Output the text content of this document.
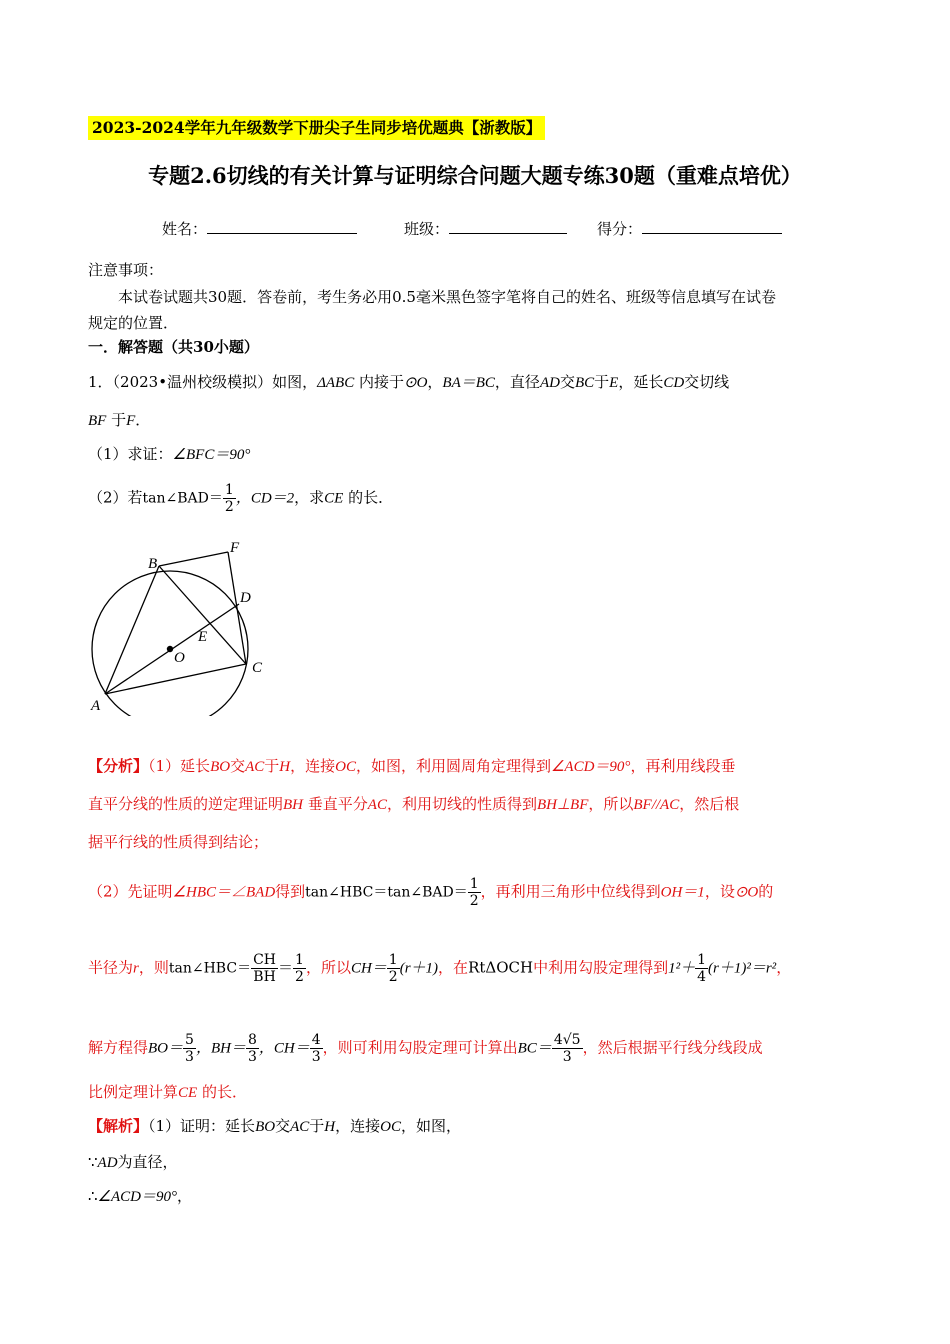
2023-2024学年九年级数学下册尖子生同步培优题典【浙教版】
专题2.6切线的有关计算与证明综合问题大题专练30题（重难点培优）
姓名：	班级：	得分：
注意事项：
本试卷试题共30题．答卷前，考生务必用0.5毫米黑色签字笔将自己的姓名、班级等信息填写在试卷
规定的位置．
一．解答题（共30小题）
1．（2023•温州校级模拟）如图，ΔABC 内接于⊙O，BA＝BC，直径AD交BC于E，延长CD交切线
BF 于F．
（1）求证：∠BFC＝90°
（2）若tan∠BAD＝ $\frac{1}{2}$ ，CD＝2，求CE 的长．
B
F
D
E
O
C
A
【分析】（1）延长BO交AC于H，连接OC，如图，利用圆周角定理得到∠ACD＝90°，再利用线段垂
直平分线的性质的逆定理证明BH 垂直平分AC，利用切线的性质得到BH⊥BF，所以BF//AC，然后根
据平行线的性质得到结论；
（2）先证明∠HBC＝∠BAD得到tan∠HBC＝tan∠BAD＝ $\frac{1}{2}$ ，再利用三角形中位线得到OH＝1，设⊙O的
半径为r，则tan∠HBC＝ $\frac{CH}{BH} = \frac{1}{2}$ ，所以$CH= \frac{1}{2} (r+1)$，在RtΔOCH中利用勾股定理得到$1^2+ \frac{1}{4} (r+1)^2=r^2$，
解方程得$BO= \frac{5}{3}$ ，$BH= \frac{8}{3}$ ，$CH= \frac{4}{3}$ ，则可利用勾股定理可计算出$BC= \frac{4√5}{3}$ ，然后根据平行线分线段成
比例定理计算CE 的长．
【解析】（1）证明：延长BO交AC于H，连接OC，如图，
∵AD为直径，
∴∠ACD＝90°，
